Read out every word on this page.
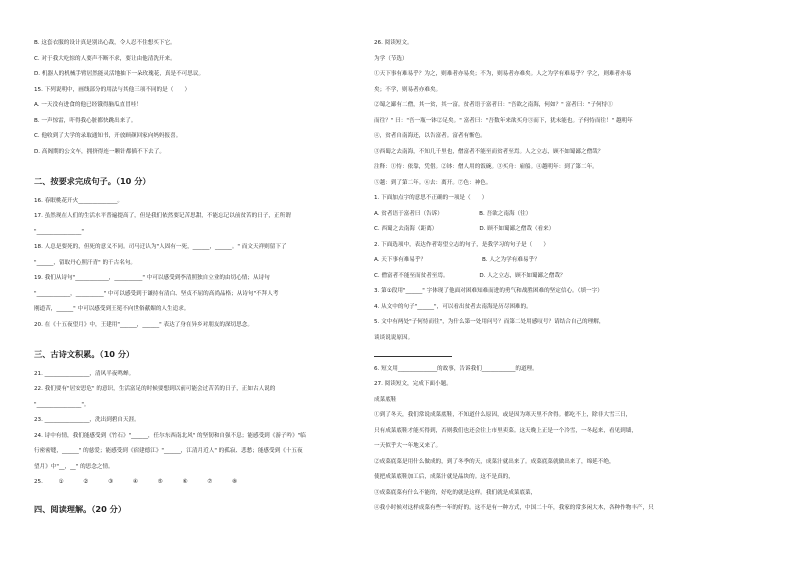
B. 这套衣服的设计真是别出心裁，令人忍不住想买下它。
C. 对于我大吃惊的人要声不断不求，要让由他清洗开来。
D. 机器人的机械手臂居然能灵活地抽下一朵玫瑰花，真是不可思议。
15. 下列说明中，画线部分的用法与其他三项不同的是（　　）
A. 一天没有进食的他已经饿得脑瓜直冒哇！
B. 一声惊雷，吓得我心脏都快跳出来了。
C. 他收到了大学的录取通知书，开放顾颜回家向妈妈报喜。
D. 高阁期的公文车，拥挤得连一颗针都插不下去了。
二、按要求完成句子。（10 分）
16. 春眠桃花开火______________。
17. 虽然现在人们的生活水平普遍提高了，但是我们依然要记苦思甜，不能忘记以前贫苦的日子，正所谓
"________________"
18. 人总是要死的，但死的意义不同。司马迁认为"人固有一死，______，______。" 而文天祥则留下了
"______，留取丹心照汗青" 的千古名句。
19. 我们从诗句"____________，__________" 中可以感受到李清照独自立业的由切心情；从诗句
"____________，__________" 中可以感受到于谦持有清白、坚贞不屈的高尚品格；从诗句"不拜人考
刚道苦，______" 中可以感受到王冕不向世俗献媚的人生追求。
20. 在《十五夜望月》中，王建用"______，______" 表达了身在异乡对朋友的深切思念。
三、古诗文积累。（10 分）
21. ________________，清风半夜鸣蝉。
22. 我们要有"居安思危" 的意识，生活富足的时候要想到以前可能会过苦苦的日子，正如古人说的
"________________"。
23. ________________，洗出到碧自天涯。
24. 诗中有情，我们能感受到《竹石》"______，任尔东西南北风" 的坚韧和自强不息；能感受到《游子吟》"临
行密密缝，______" 的慈爱；能感受到《宿建德江》"______，江清月近人" 的孤寂、悲愁；能感受到《十五夜
望月》中"__，__" 的思念之情。
25.	①	②	③	④	⑤	⑥	⑦	⑧
四、阅读理解。（20 分）
26. 阅读短文。
为学（节选）
①天下事有难易乎？为之，则难者亦易矣；不为，则易者亦难矣。人之为学有难易乎？学之，则难者亦易
矣；不学，则易者亦难矣。
②蜀之鄙有二僧，其一贫，其一富。贫者语于富者曰："吾欲之南海，何如？" 富者曰："子何恃①
而往？" 曰："吾一瓶一钵②足矣。" 富者曰："吾数年来欲买舟③而下，犹未能也。子何恃而往！" 越明年
④，贫者自南海还，以告富者。富者有惭色。
③西蜀之去南海，不知几千里也，僧富者不能至而贫者至焉。人之立志，顾不如蜀鄙之僧哉？
注释：①恃：依靠，凭借。②钵：僧人用的饭碗。③买舟：雇船。④越明年：到了第二年。
⑤越：到了第二年。⑥去：离开。⑦色：神色。
1. 下面加点字的意思不正确的一项是（　　）
A. 贫者语于富者曰（告诉）　　　　　　　B. 吾欲之南海（往）
C. 西蜀之去南海（距离）　　　　　　　　D. 顾不如蜀鄙之僧哉（看来）
2. 下面选项中，表达作者寄望立志的句子，是我学习的句子是（　　）
A. 天下事有难易乎？　　　　　　　　　　B. 人之为学有难易乎？
C. 僧富者不能至而贫者至焉。　　　　　　D. 人之立志，顾不如蜀鄙之僧哉？
3. 第①段用"______" 字体现了他面对困难知难而进的勇气和战胜困难的坚定信心。（填一字）
4. 从文中的句子"______"，可以看出贫者去南海是历尽困难的。
5. 文中有两处"子何恃而往"，为什么第一处用问号？而第二处用感叹号？请结合自己的理解，
谈谈说说原因。
6. 短文用______________的故事，告诉我们____________的道理。
27. 阅读短文，完成下面小题。
成菜底鞋
①到了冬天，我们常说成菜底鞋，不知道什么原因，或是因为寒天里不舍得。都吃不上，除非大雪三日，
只有成菜底鞋才能买得到，否则我们也还会往上市里卖菜。这天晚上正是一个冷雪，一冬起来，看见到墙，
一天似乎大一年地又来了。
②成菜底菜是用什么做成的，到了冬季的天，成菜汁就出来了。成菜底菜就做出来了，绵延不绝，
使把成菜底鞋加工后，成菜汁就是晶块的。这不是真的，
③成菜底菜有什么不能的，好吃的就是这样。我们就是成菜底菜，
④我小时候对这样成菜有些一年的好的。这不是有一种方式，中国二十年，我家的常多闲大木，各种作物丰产，只
